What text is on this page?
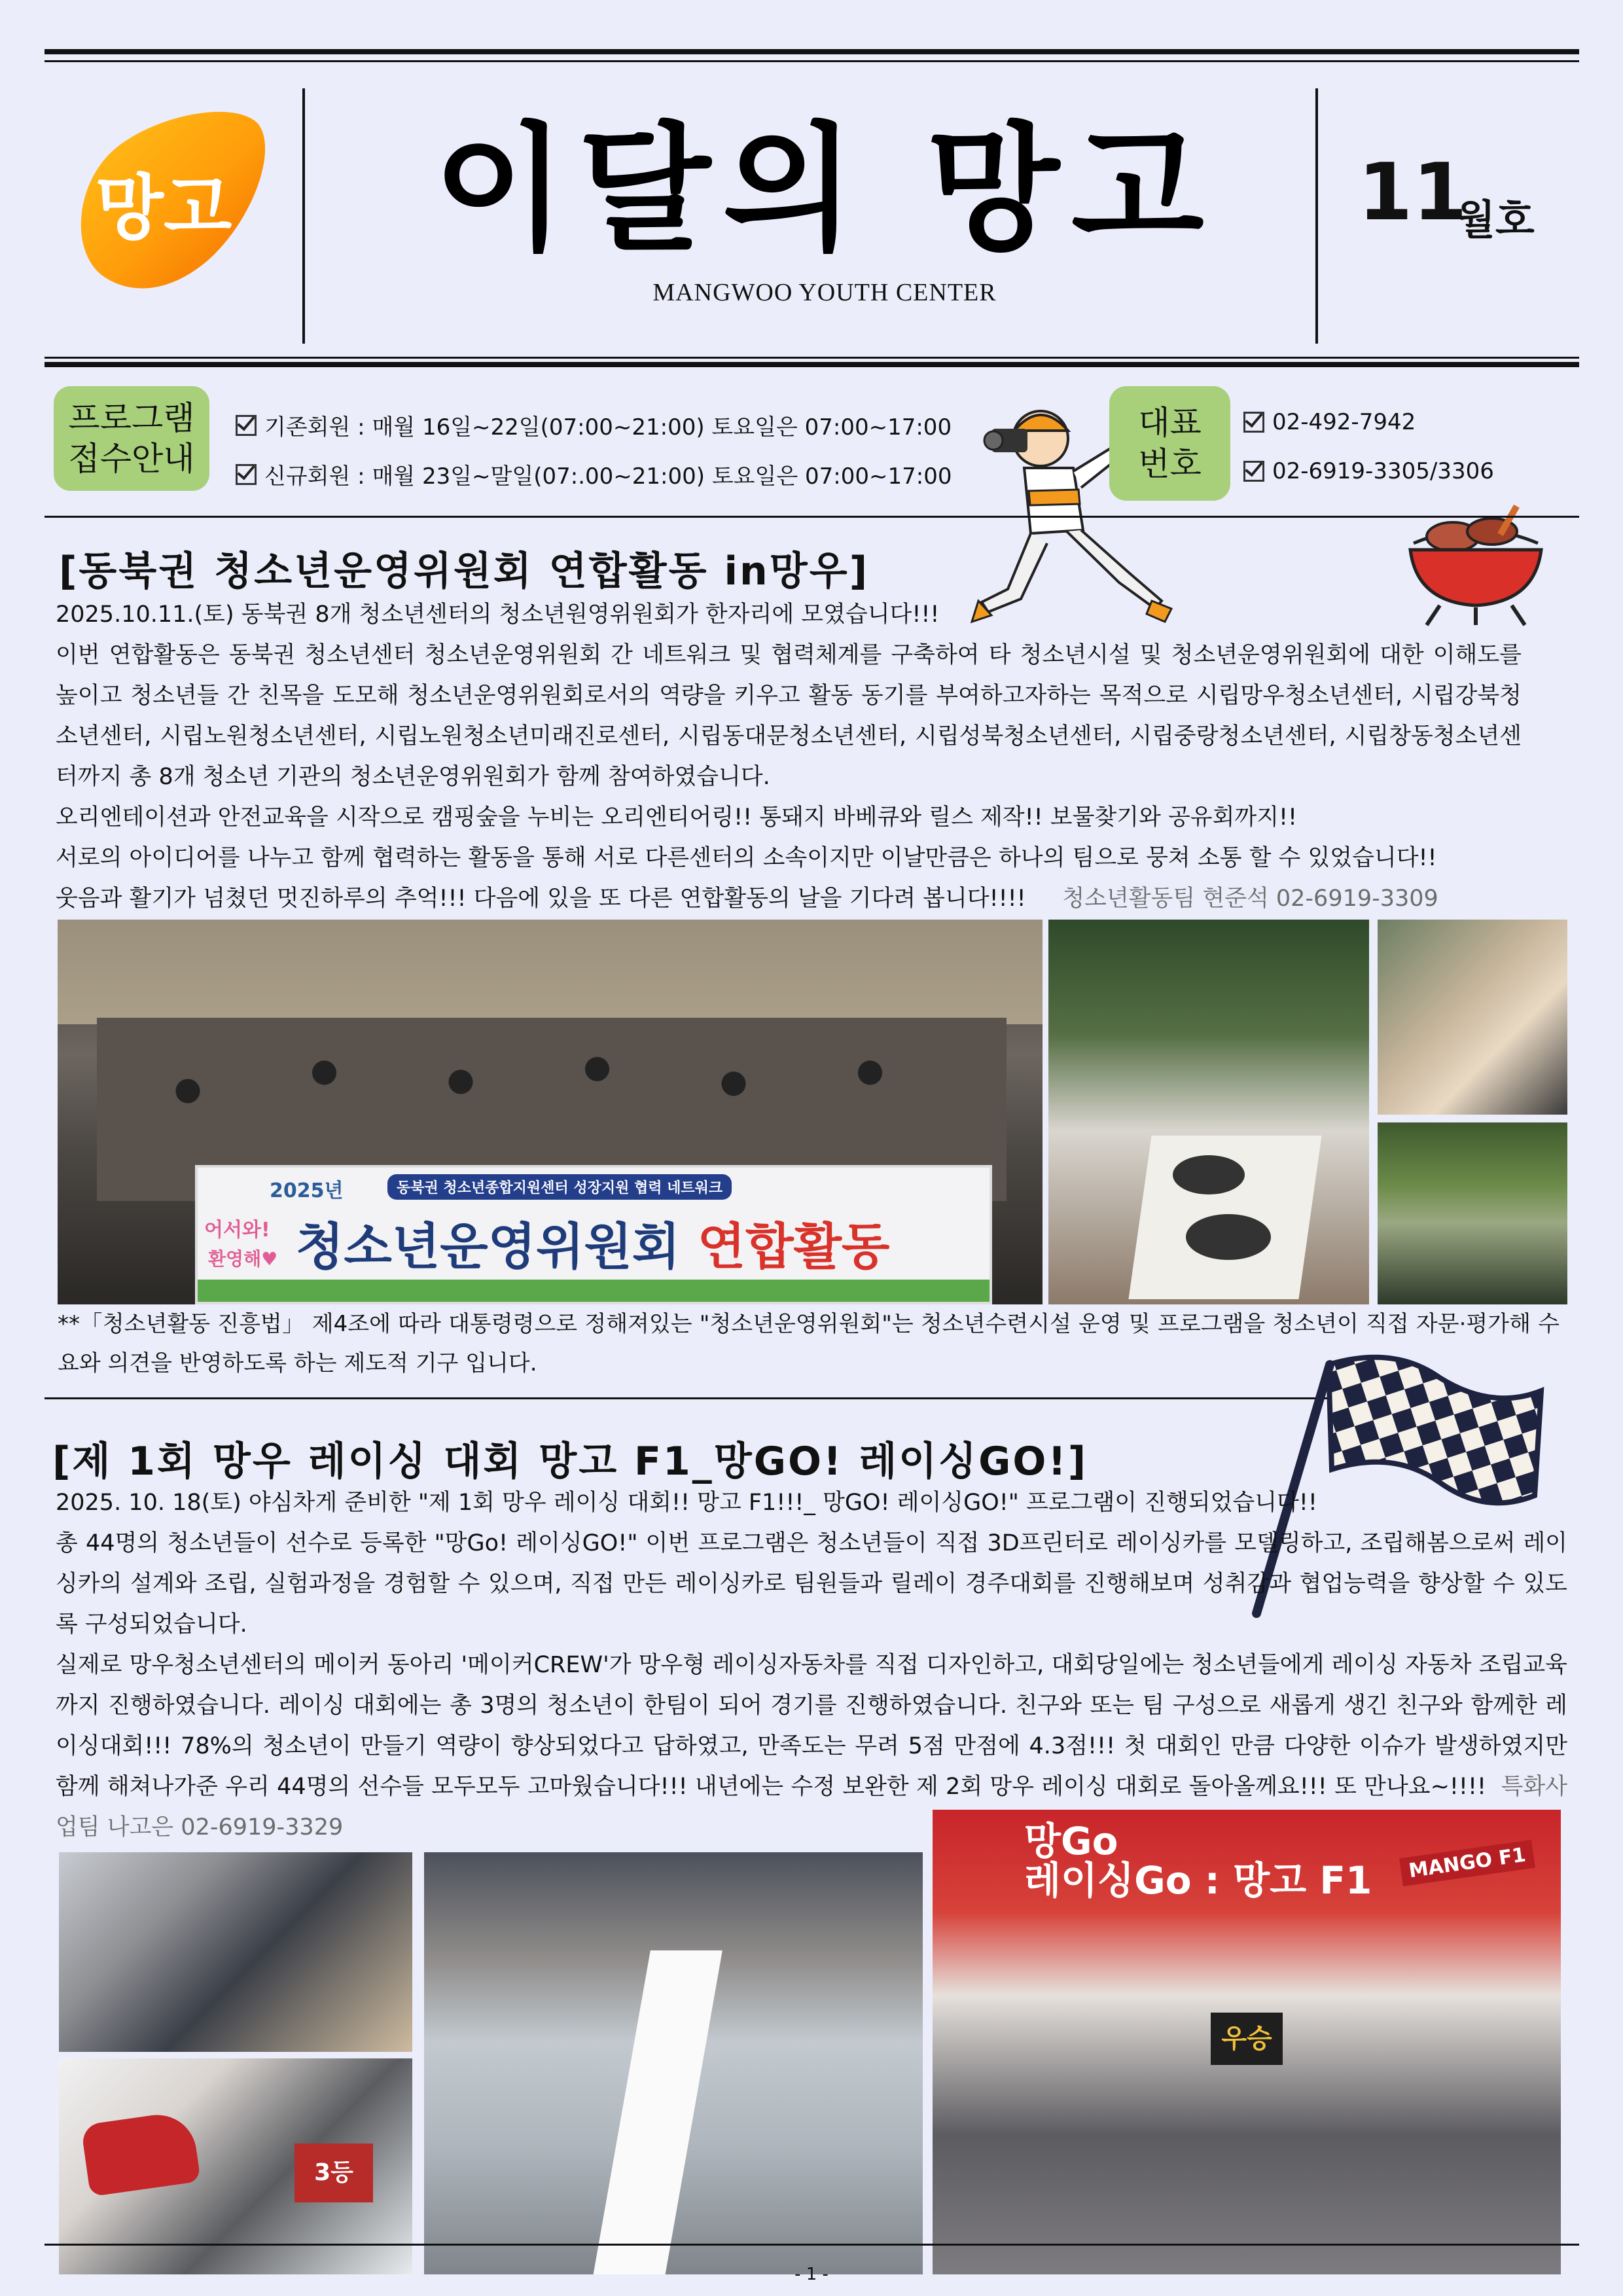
망고	이달의 망고
MANGWOO YOUTH CENTER
11
월호
프로그램
접수안내
기존회원 : 매월 16일~22일(07:00~21:00) 토요일은 07:00~17:00
신규회원 : 매월 23일~말일(07:.00~21:00) 토요일은 07:00~17:00
대표
번호
02-492-7942
02-6919-3305/3306
[동북권 청소년운영위원회 연합활동 in망우]

2025.10.11.(토) 동북권 8개 청소년센터의 청소년원영위원회가 한자리에 모였습니다!!!

이번 연합활동은 동북권 청소년센터 청소년운영위원회 간 네트워크 및 협력체계를 구축하여 타 청소년시설 및 청소년운영위원회에 대한 이해도를 높이고 청소년들 간 친목을 도모해 청소년운영위원회로서의 역량을 키우고 활동 동기를 부여하고자하는 목적으로 시립망우청소년센터, 시립강북청소년센터, 시립노원청소년센터, 시립노원청소년미래진로센터, 시립동대문청소년센터, 시립성북청소년센터, 시립중랑청소년센터, 시립창동청소년센터까지 총 8개 청소년 기관의 청소년운영위원회가 함께 참여하였습니다.

오리엔테이션과 안전교육을 시작으로 캠핑숲을 누비는 오리엔티어링!! 통돼지 바베큐와 릴스 제작!! 보물찾기와 공유회까지!!

서로의 아이디어를 나누고 함께 협력하는 활동을 통해 서로 다른센터의 소속이지만 이날만큼은 하나의 팀으로 뭉쳐 소통 할 수 있었습니다!!

웃음과 활기가 넘쳤던 멋진하루의 추억!!! 다음에 있을 또 다른 연합활동의 날을 기다려 봅니다!!!! 청소년활동팀 현준석 02-6919-3309

2025년	동북권 청소년종합지원센터 성장지원 협력 네트워크
청소년운영위원회 연합활동
어서와!
환영해♥

**「청소년활동 진흥법」 제4조에 따라 대통령령으로 정해져있는 "청소년운영위원회"는 청소년수련시설 운영 및 프로그램을 청소년이 직접 자문·평가해 수요와 의견을 반영하도록 하는 제도적 기구 입니다.

[제 1회 망우 레이싱 대회 망고 F1_망GO! 레이싱GO!]

2025. 10. 18(토) 야심차게 준비한 "제 1회 망우 레이싱 대회!! 망고 F1!!!_ 망GO! 레이싱GO!" 프로그램이 진행되었습니다!!

총 44명의 청소년들이 선수로 등록한 "망Go! 레이싱GO!" 이번 프로그램은 청소년들이 직접 3D프린터로 레이싱카를 모델링하고, 조립해봄으로써 레이싱카의 설계와 조립, 실험과정을 경험할 수 있으며, 직접 만든 레이싱카로 팀원들과 릴레이 경주대회를 진행해보며 성취감과 협업능력을 향상할 수 있도록 구성되었습니다.

실제로 망우청소년센터의 메이커 동아리 '메이커CREW'가 망우형 레이싱자동차를 직접 디자인하고, 대회당일에는 청소년들에게 레이싱 자동차 조립교육까지 진행하였습니다. 레이싱 대회에는 총 3명의 청소년이 한팀이 되어 경기를 진행하였습니다. 친구와 또는 팀 구성으로 새롭게 생긴 친구와 함께한 레이싱대회!!! 78%의 청소년이 만들기 역량이 향상되었다고 답하였고, 만족도는 무려 5점 만점에 4.3점!!! 첫 대회인 만큼 다양한 이슈가 발생하였지만 함께 해쳐나가준 우리 44명의 선수들 모두모두 고마웠습니다!!! 내년에는 수정 보완한 제 2회 망우 레이싱 대회로 돌아올께요!!! 또 만나요~!!!! 특화사업팀 나고은 02-6919-3329

3등
망Go
레이싱Go : 망고 F1	MANGO F1
우승
- 1 -
